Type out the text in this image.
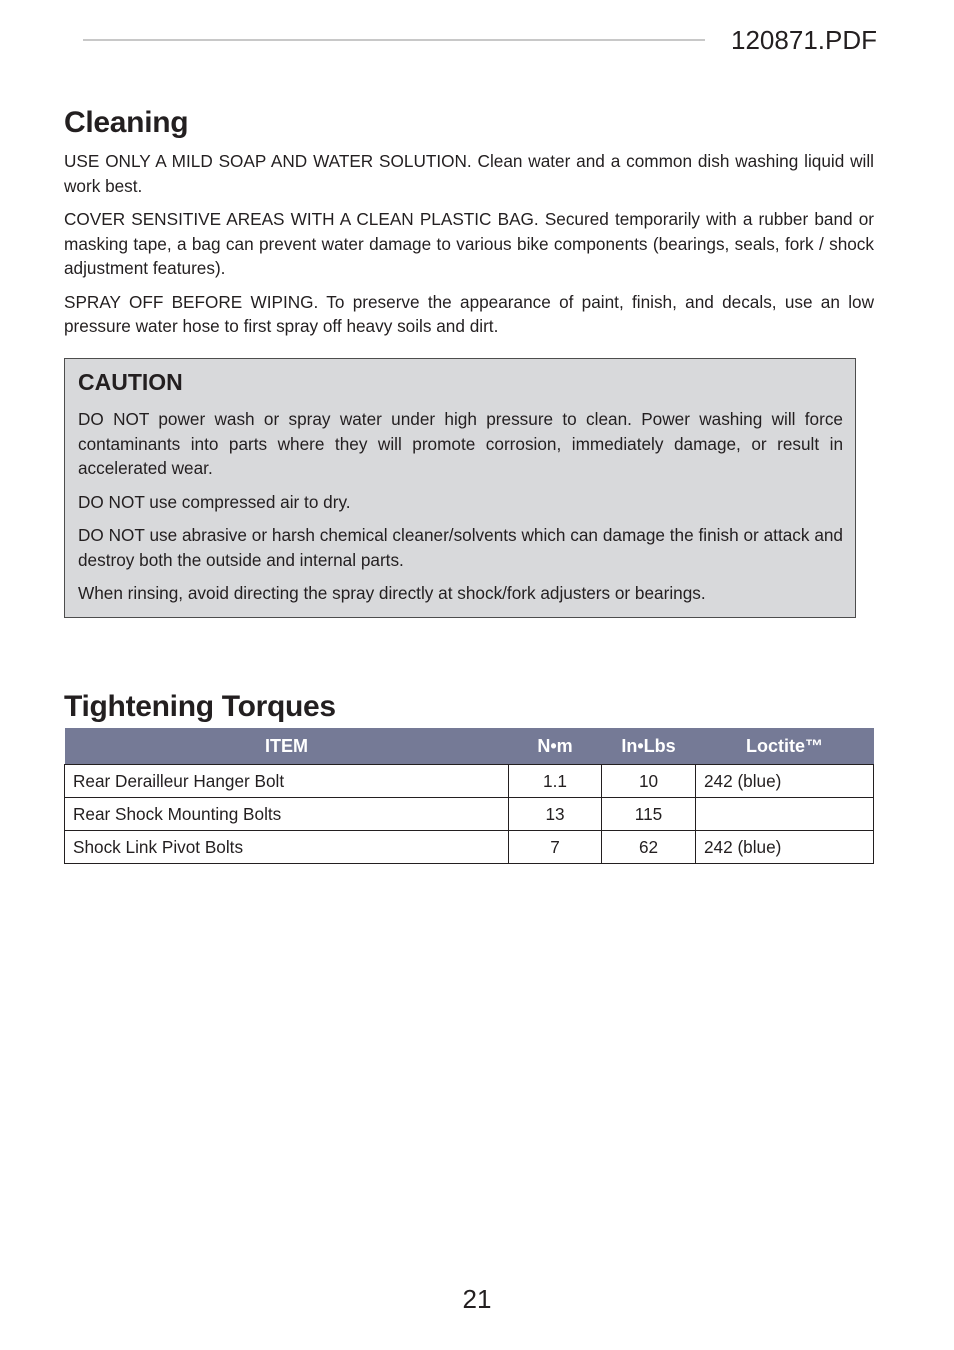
120871.PDF
Cleaning

USE ONLY A MILD SOAP AND WATER SOLUTION. Clean water and a common dish washing liquid will work best.

COVER SENSITIVE AREAS WITH A CLEAN PLASTIC BAG. Secured temporarily with a rubber band or masking tape, a bag can prevent water damage to various bike components (bearings, seals, fork / shock adjustment features).

SPRAY OFF BEFORE WIPING. To preserve the appearance of paint, finish, and decals, use an low pressure water hose to first spray off heavy soils and dirt.

CAUTION

DO NOT power wash or spray water under high pressure to clean. Power washing will force contaminants into parts where they will promote corrosion, immediately damage, or result in accelerated wear.

DO NOT use compressed air to dry.

DO NOT use abrasive or harsh chemical cleaner/solvents which can damage the finish or attack and destroy both the outside and internal parts.

When rinsing, avoid directing the spray directly at shock/fork adjusters or bearings.

Tightening Torques
ITEM	N•m	In•Lbs	Loctite™
Rear Derailleur Hanger Bolt	1.1	10	242 (blue)
Rear Shock Mounting Bolts	13	115	
Shock Link Pivot Bolts	7	62	242 (blue)
21
